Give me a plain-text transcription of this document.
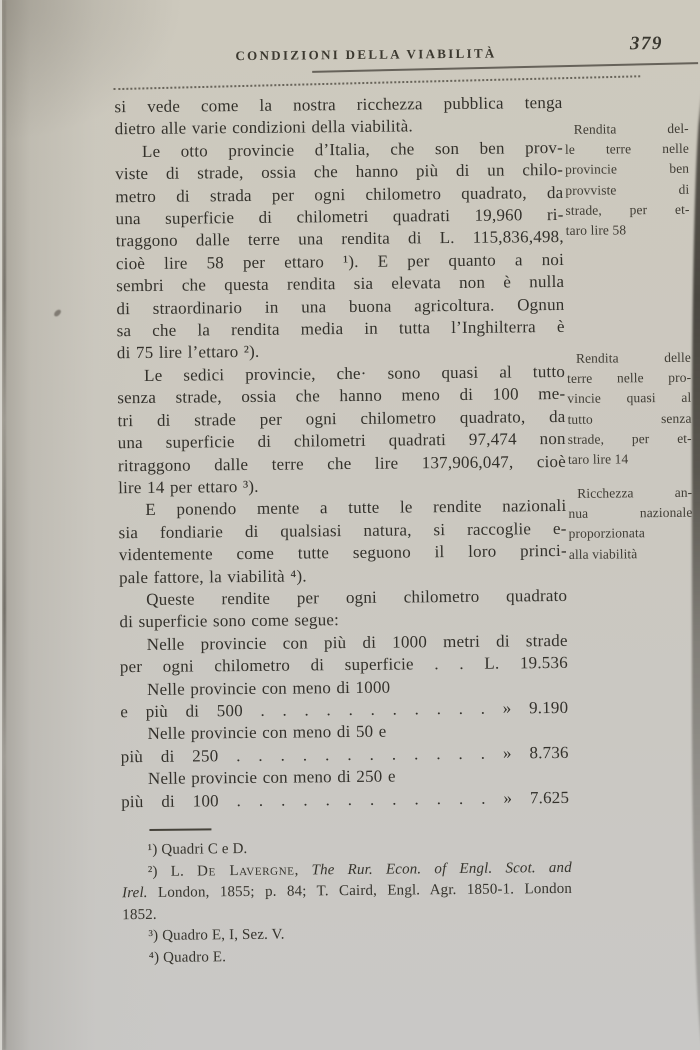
CONDIZIONI DELLA VIABILITÀ
379
si vede come la nostra ricchezza pubblica tenga
dietro alle varie condizioni della viabilità.
Le otto provincie d’Italia, che son ben prov-
viste di strade, ossia che hanno più di un chilo-
metro di strada per ogni chilometro quadrato, da
una superficie di chilometri quadrati 19,960 ri-
traggono dalle terre una rendita di L. 115,836,498,
cioè lire 58 per ettaro ¹). E per quanto a noi
sembri che questa rendita sia elevata non è nulla
di straordinario in una buona agricoltura. Ognun
sa che la rendita media in tutta l’Inghilterra è
di 75 lire l’ettaro ²).
Le sedici provincie, che· sono quasi al tutto
senza strade, ossia che hanno meno di 100 me-
tri di strade per ogni chilometro quadrato, da
una superficie di chilometri quadrati 97,474 non
ritraggono dalle terre che lire 137,906,047, cioè
lire 14 per ettaro ³).
E ponendo mente a tutte le rendite nazionali
sia fondiarie di qualsiasi natura, si raccoglie e-
videntemente come tutte seguono il loro princi-
pale fattore, la viabilità ⁴).
Queste rendite per ogni chilometro quadrato
di superficie sono come segue:
Nelle provincie con più di 1000 metri di strade
per ogni chilometro di superficie . . L. 19.536
Nelle provincie con meno di 1000
e più di 500 . . . . . . . . . . . » 9.190
Nelle provincie con meno di 50 e
più di 250 . . . . . . . . . . . . » 8.736
Nelle provincie con meno di 250 e
più di 100 . . . . . . . . . . . . » 7.625
Rendita del-
le terre nelle
provincie ben
provviste di
strade, per et-
taro lire 58
Rendita delle
terre nelle pro-
vincie quasi al
tutto senza
strade, per et-
taro lire 14
Ricchezza an-
nua nazionale
proporzionata
alla viabilità
¹) Quadri C e D.
²) L. De Lavergne, The Rur. Econ. of Engl. Scot. and
Irel. London, 1855; p. 84; T. Caird, Engl. Agr. 1850-1. London
1852.
³) Quadro E, I, Sez. V.
⁴) Quadro E.
